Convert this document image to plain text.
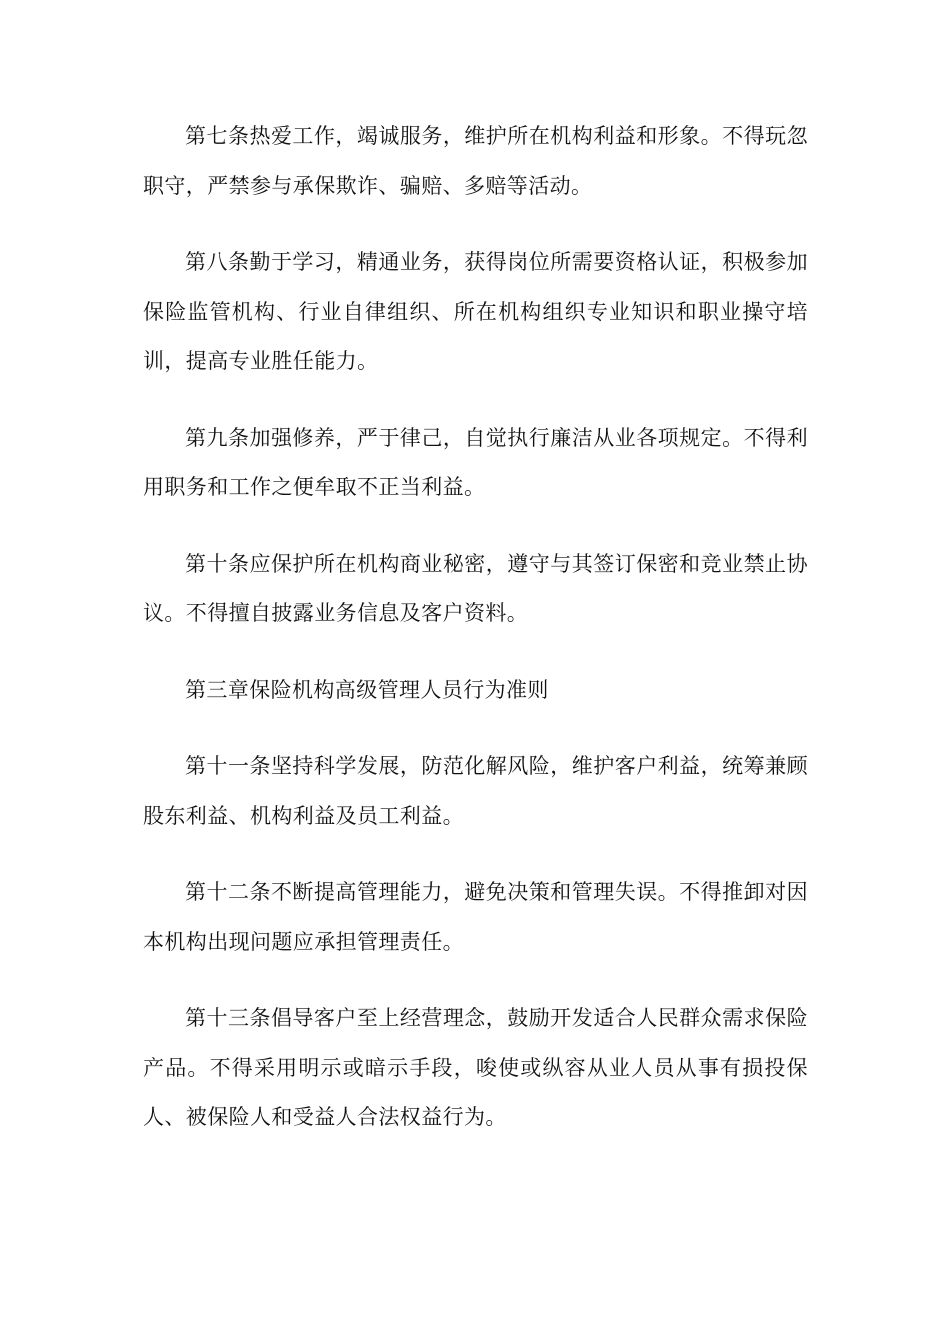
第七条热爱工作，竭诚服务，维护所在机构利益和形象。不得玩忽职守，严禁参与承保欺诈、骗赔、多赔等活动。

第八条勤于学习，精通业务，获得岗位所需要资格认证，积极参加保险监管机构、行业自律组织、所在机构组织专业知识和职业操守培训，提高专业胜任能力。

第九条加强修养，严于律己，自觉执行廉洁从业各项规定。不得利用职务和工作之便牟取不正当利益。

第十条应保护所在机构商业秘密，遵守与其签订保密和竞业禁止协议。不得擅自披露业务信息及客户资料。

第三章保险机构高级管理人员行为准则

第十一条坚持科学发展，防范化解风险，维护客户利益，统筹兼顾股东利益、机构利益及员工利益。

第十二条不断提高管理能力，避免决策和管理失误。不得推卸对因本机构出现问题应承担管理责任。

第十三条倡导客户至上经营理念，鼓励开发适合人民群众需求保险产品。不得采用明示或暗示手段，唆使或纵容从业人员从事有损投保人、被保险人和受益人合法权益行为。
